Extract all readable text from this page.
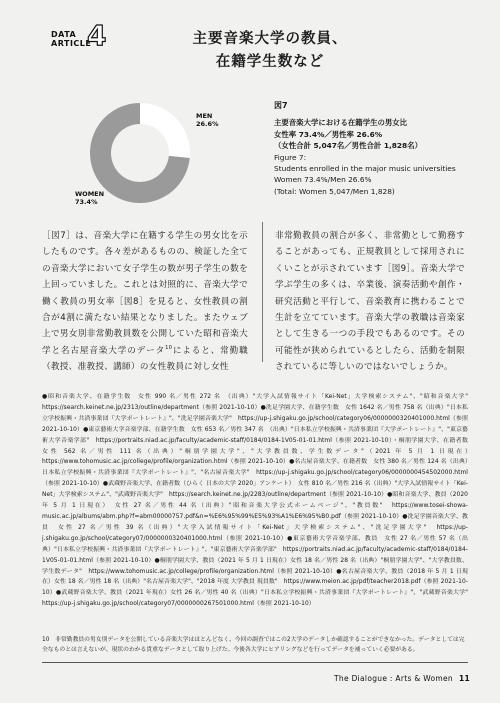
DATA
ARTICLE
4	主要音楽大学の教員、
在籍学生数など
MEN 26.6%
WOMEN 73.4%
図7
主要音楽大学における在籍学生の男女比
女性率 73.4%／男性率 26.6%
（女性合計 5,047名／男性合計 1,828名）
Figure 7:
Students enrolled in the major music universities
Women 73.4%/Men 26.6%
(Total: Women 5,047/Men 1,828)
［図7］は、音楽大学に在籍する学生の男女比を示したものです。各々差があるものの、検証した全ての音楽大学において女子学生の数が男子学生の数を上回っていました。これとは対照的に、音楽大学で働く教員の男女率［図8］を見ると、女性教員の割合が4割に満たない結果となりました。またウェブ上で男女別非常勤教員数を公開していた昭和音楽大学と名古屋音楽大学のデータ$^{10}$によると、常勤職（教授、准教授、講師）の女性教員に対し女性
非常勤教員の割合が多く、非常勤として勤務することがあっても、正規教員として採用されにくいことが示されています［図9］。音楽大学で学ぶ学生の多くは、卒業後、演奏活動や創作・研究活動と平行して、音楽教育に携わることで生計を立てています。音楽大学の教職は音楽家として生きる一つの手段でもあるのです。その可能性が狭められているとしたら、活動を制限されているに等しいのではないでしょうか。
●昭和音楽大学、在籍学生数　女性 990 名／男性 272 名　（出典）"大学入試情報サイト「Kei-Net」大学検索システム"、"昭和音楽大学"　https://search.keinet.ne.jp/2313/outline/department（参照 2021-10-10）●洗足学園大学、在籍学生数　女性 1642 名／男性 758 名（出典）"日本私立学校振興・共済事業団『大学ポートレート』"、"洗足学園音楽大学"　https://up-j.shigaku.go.jp/school/category06/0000000320401000.html（参照 2021-10-10）●東京藝術大学音楽学部、在籍学生数　女性 653 名／男性 347 名　（出典）"日本私立学校振興・共済事業団『大学ポートレート』"、"東京藝術大学音楽学部"　https://portraits.niad.ac.jp/faculty/academic-staff/0184/0184-1V05-01-01.html（参照 2021-10-10）・桐朋学園大学、在籍者数　女性 562 名／男性 111 名（出典）"桐朋学園大学"、"大学教員数、学生数データ"（2021 年 5 月 1 日現在）　https://www.tohomusic.ac.jp/college/profile/organization.html（参照 2021-10-10）●名古屋音楽大学、在籍者数　女性 380 名／男性 124 名（出典）日本私立学校振興・共済事業団『大学ポートレート』"、"名古屋音楽大学"　https://up-j.shigaku.go.jp/school/category06/0000000454502000.html（参照 2021-10-10）●武蔵野音楽大学、在籍者数（ひらく 日本の大学 2020」アンケート）　女性 810 名／男性 216 名（出典）"大学入試情報サイト「Kei-Net」大学検索システム"、"武蔵野音楽大学"　https://search.keinet.ne.jp/2283/outline/department（参照 2021-10-10）●昭和音楽大学、教員（2020 年 5 月 1 日現在）　女性 27 名／男性 44 名（出典）"昭和音楽大学公式ホームページ"、"教員数"　https://www.tosei-showa-music.ac.jp/albums/abm.php?f=abm00000757.pdf&n=%E6%95%99%E5%93%A1%E6%95%B0.pdf（参照 2021-10-10）●洗足学園音楽大学、教員　女性 27 名／男性 39 名（出典）"大学入試情報サイト「Kei-Net」大学検索システム"、"洗足学園大学"　https://up-j.shigaku.go.jp/school/category07/0000000320401000.html（参照 2021-10-10）●東京藝術大学音楽学部、教員　女性 27 名／男性 57 名（出典）"日本私立学校振興・共済事業団『大学ポートレート』"、"東京藝術大学音楽学部"　https://portraits.niad.ac.jp/faculty/academic-staff/0184/0184-1V05-01-01.html（参照 2021-10-10）●桐朋学園大学、教員（2021 年 5 月 1 日現在）女性 18 名／男性 28 名（出典）"桐朋学園大学"、"大学教員数、学生数データ"　https://www.tohomusic.ac.jp/college/profile/organization.html（参照 2021-10-10）●名古屋音楽大学、教員（2018 年 5 月 1 日現在）女性 18 名／男性 18 名（出典）"名古屋音楽大学"、"2018 年度 大学教員 現員数"　https://www.meion.ac.jp/pdf/teacher2018.pdf（参照 2021-10-10）●武蔵野音楽大学、教員（2021 年現在）女性 26 名／男性 40 名（出典）"日本私立学校振興・共済事業団『大学ポートレート』"、"武蔵野音楽大学"　https://up-j.shigaku.go.jp/school/category07/0000000267501000.html（参照 2021-10-10）
10　非常勤教員の男女別データを公開している音楽大学はほとんどなく、今回の調査ではこの2大学のデータしか確認することができなかった。データとしては完全なものとは言えないが、現状のわかる貴重なデータとして取り上げた。今後各大学にヒアリングなどを行ってデータを補っていく必要がある。
The Dialogue : Arts & Women 11
